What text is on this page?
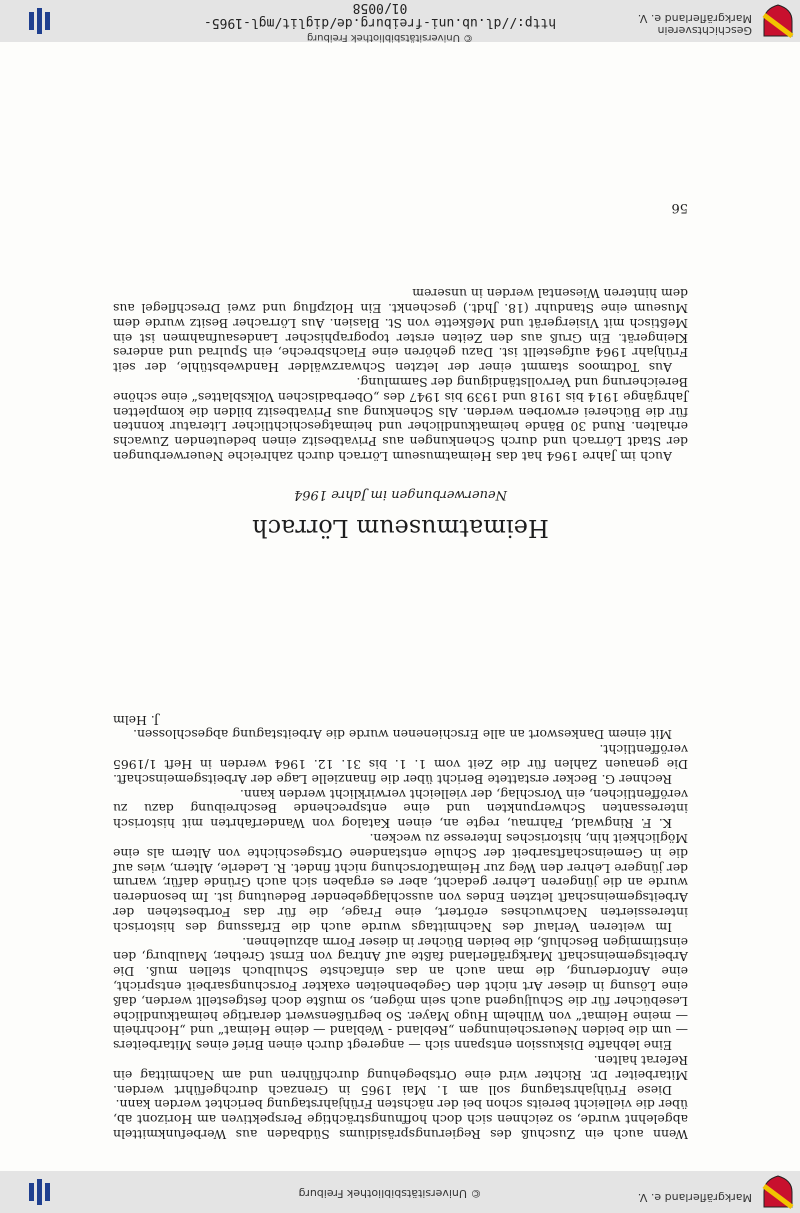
Markgräflerland e. V.
© Universitätsbibliothek Freiburg

Wenn auch ein Zuschuß des Regierungspräsidiums Südbaden aus Werbefunkmitteln abgelehnt wurde, so zeichnen sich doch hoffnungsträchtige Perspektiven am Horizont ab, über die vielleicht bereits schon bei der nächsten Frühjahrstagung berichtet werden kann.

Diese Frühjahrstagung soll am 1. Mai 1965 in Grenzach durchgeführt werden. Mitarbeiter Dr. Richter wird eine Ortsbegehung durchführen und am Nachmittag ein Referat halten.

Eine lebhafte Diskussion entspann sich — angeregt durch einen Brief eines Mitarbeiters — um die beiden Neuerscheinungen „Rebland - Webland — deine Heimat“ und „Hochrhein — meine Heimat“ von Wilhelm Hugo Mayer. So begrüßenswert derartige heimatkundliche Lesebücher für die Schuljugend auch sein mögen, so mußte doch festgestellt werden, daß eine Lösung in dieser Art nicht den Gegebenheiten exakter Forschungsarbeit entspricht, eine Anforderung, die man auch an das einfachste Schulbuch stellen muß. Die Arbeitsgemeinschaft Markgräflerland faßte auf Antrag von Ernst Grether, Maulburg, den einstimmigen Beschluß, die beiden Bücher in dieser Form abzulehnen.

Im weiteren Verlauf des Nachmittags wurde auch die Erfassung des historisch interessierten Nachwuchses erörtert, eine Frage, die für das Fortbestehen der Arbeitsgemeinschaft letzten Endes von ausschlaggebender Bedeutung ist. Im besonderen wurde an die jüngeren Lehrer gedacht, aber es ergaben sich auch Gründe dafür, warum der jüngere Lehrer den Weg zur Heimatforschung nicht findet. R. Lederle, Altern, wies auf die in Gemeinschaftsarbeit der Schule entstandene Ortsgeschichte von Altern als eine Möglichkeit hin, historisches Interesse zu wecken.

K. F. Ringwald, Fahrnau, regte an, einen Katalog von Wanderfahrten mit historisch interessanten Schwerpunkten und eine entsprechende Beschreibung dazu zu veröffentlichen, ein Vorschlag, der vielleicht verwirklicht werden kann.

Rechner G. Becker erstattete Bericht über die finanzielle Lage der Arbeitsgemeinschaft. Die genauen Zahlen für die Zeit vom 1. 1. bis 31. 12. 1964 werden in Heft 1/1965 veröffentlicht.

Mit einem Dankeswort an alle Erschienenen wurde die Arbeitstagung abgeschlossen.

J. Helm
Heimatmuseum Lörrach
Neuerwerbungen im Jahre 1964

Auch im Jahre 1964 hat das Heimatmuseum Lörrach durch zahlreiche Neuerwerbungen der Stadt Lörrach und durch Schenkungen aus Privatbesitz einen bedeutenden Zuwachs erhalten. Rund 30 Bände heimatkundlicher und heimatgeschichtlicher Literatur konnten für die Bücherei erworben werden. Als Schenkung aus Privatbesitz bilden die kompletten Jahrgänge 1914 bis 1918 und 1939 bis 1947 des „Oberbadischen Volksblattes“ eine schöne Bereicherung und Vervollständigung der Sammlung.

Aus Todtmoos stammt einer der letzten Schwarzwälder Handwebstühle, der seit Frühjahr 1964 aufgestellt ist. Dazu gehören eine Flachsbreche, ein Spulrad und anderes Kleingerät. Ein Gruß aus den Zeiten erster topographischer Landesaufnahmen ist ein Meßtisch mit Visiergerät und Meßkette von St. Blasien. Aus Lörracher Besitz wurde dem Museum eine Standuhr (18. Jhdt.) geschenkt. Ein Holzpflug und zwei Dreschflegel aus dem hinteren Wiesental werden in unserem

56
Geschichtsverein Markgräflerland e. V.
© Universitätsbibliothek Freiburg
http://dl.ub.uni-freiburg.de/diglit/mgl-1965-01/0058
